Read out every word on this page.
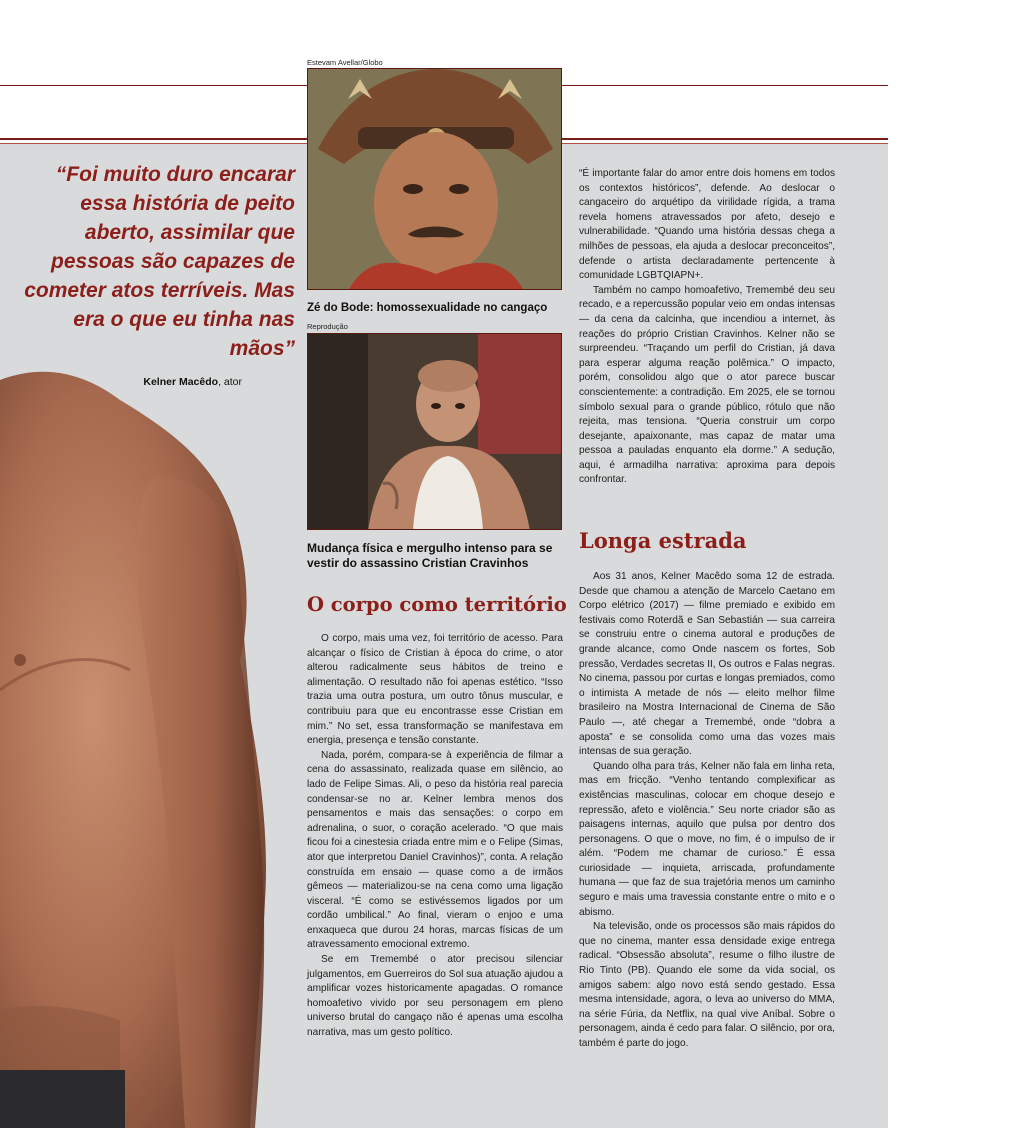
“Foi muito duro encarar essa história de peito aberto, assimilar que pessoas são capazes de cometer atos terríveis. Mas era o que eu tinha nas mãos”
Kelner Macêdo, ator
Estevam Avellar/Globo
Zé do Bode: homossexualidade no cangaço
Reprodução
Mudança física e mergulho intenso para se vestir do assassino Cristian Cravinhos
O corpo como território

O corpo, mais uma vez, foi território de acesso. Para alcançar o físico de Cristian à época do crime, o ator alterou radicalmente seus hábitos de treino e alimentação. O resultado não foi apenas estético. “Isso trazia uma outra postura, um outro tônus muscular, e contribuiu para que eu encontrasse esse Cristian em mim.” No set, essa transformação se manifestava em energia, presença e tensão constante.

Nada, porém, compara-se à experiência de filmar a cena do assassinato, realizada quase em silêncio, ao lado de Felipe Simas. Ali, o peso da história real parecia condensar-se no ar. Kelner lembra menos dos pensamentos e mais das sensações: o corpo em adrenalina, o suor, o coração acelerado. “O que mais ficou foi a cinestesia criada entre mim e o Felipe (Simas, ator que interpretou Daniel Cravinhos)”, conta. A relação construída em ensaio — quase como a de irmãos gêmeos — materializou-se na cena como uma ligação visceral. “É como se estivéssemos ligados por um cordão umbilical.” Ao final, vieram o enjoo e uma enxaqueca que durou 24 horas, marcas físicas de um atravessamento emocional extremo.

Se em Tremembé o ator precisou silenciar julgamentos, em Guerreiros do Sol sua atuação ajudou a amplificar vozes historicamente apagadas. O romance homoafetivo vivido por seu personagem em pleno universo brutal do cangaço não é apenas uma escolha narrativa, mas um gesto político.

“É importante falar do amor entre dois homens em todos os contextos históricos”, defende. Ao deslocar o cangaceiro do arquétipo da virilidade rígida, a trama revela homens atravessados por afeto, desejo e vulnerabilidade. “Quando uma história dessas chega a milhões de pessoas, ela ajuda a deslocar preconceitos”, defende o artista declaradamente pertencente à comunidade LGBTQIAPN+.

Também no campo homoafetivo, Tremembé deu seu recado, e a repercussão popular veio em ondas intensas — da cena da calcinha, que incendiou a internet, às reações do próprio Cristian Cravinhos. Kelner não se surpreendeu. “Traçando um perfil do Cristian, já dava para esperar alguma reação polêmica.” O impacto, porém, consolidou algo que o ator parece buscar conscientemente: a contradição. Em 2025, ele se tornou símbolo sexual para o grande público, rótulo que não rejeita, mas tensiona. “Queria construir um corpo desejante, apaixonante, mas capaz de matar uma pessoa a pauladas enquanto ela dorme.” A sedução, aqui, é armadilha narrativa: aproxima para depois confrontar.

Longa estrada

Aos 31 anos, Kelner Macêdo soma 12 de estrada. Desde que chamou a atenção de Marcelo Caetano em Corpo elétrico (2017) — filme premiado e exibido em festivais como Roterdã e San Sebastián — sua carreira se construiu entre o cinema autoral e produções de grande alcance, como Onde nascem os fortes, Sob pressão, Verdades secretas II, Os outros e Falas negras. No cinema, passou por curtas e longas premiados, como o intimista A metade de nós — eleito melhor filme brasileiro na Mostra Internacional de Cinema de São Paulo —, até chegar a Tremembé, onde “dobra a aposta” e se consolida como uma das vozes mais intensas de sua geração.

Quando olha para trás, Kelner não fala em linha reta, mas em fricção. “Venho tentando complexificar as existências masculinas, colocar em choque desejo e repressão, afeto e violência.” Seu norte criador são as paisagens internas, aquilo que pulsa por dentro dos personagens. O que o move, no fim, é o impulso de ir além. “Podem me chamar de curioso.” É essa curiosidade — inquieta, arriscada, profundamente humana — que faz de sua trajetória menos um caminho seguro e mais uma travessia constante entre o mito e o abismo.

Na televisão, onde os processos são mais rápidos do que no cinema, manter essa densidade exige entrega radical. “Obsessão absoluta”, resume o filho ilustre de Rio Tinto (PB). Quando ele some da vida social, os amigos sabem: algo novo está sendo gestado. Essa mesma intensidade, agora, o leva ao universo do MMA, na série Fúria, da Netflix, na qual vive Aníbal. Sobre o personagem, ainda é cedo para falar. O silêncio, por ora, também é parte do jogo.
